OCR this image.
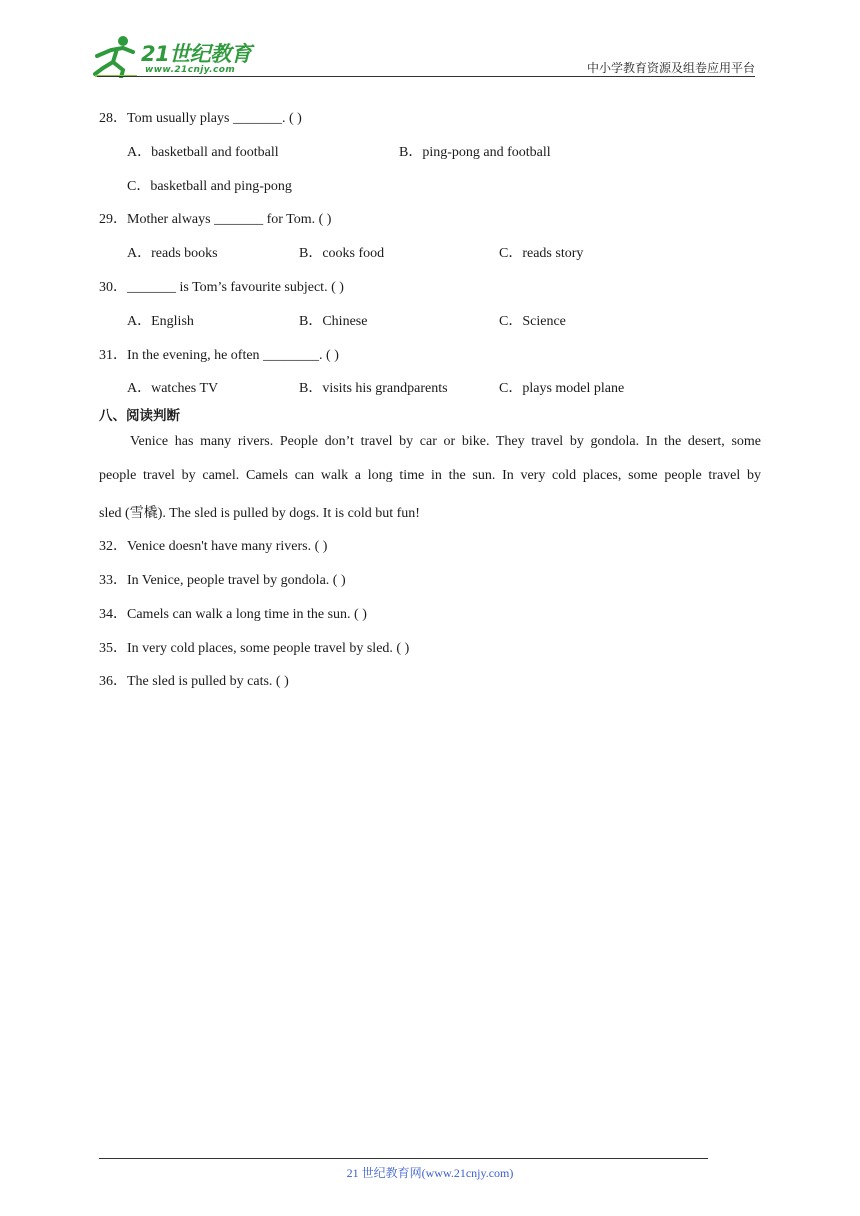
21世纪教育
www.21cnjy.com	中小学教育资源及组卷应用平台
28．Tom usually plays _______. ( )
A．basketball and football	B．ping-pong and football
C．basketball and ping-pong
29．Mother always _______ for Tom. ( )
A．reads books	B．cooks food	C．reads story
30．_______ is Tom’s favourite subject. ( )
A．English	B．Chinese	C．Science
31．In the evening, he often ________. ( )
A．watches TV	B．visits his grandparents	C．plays model plane
八、阅读判断
Venice has many rivers. People don’t travel by car or bike. They travel by gondola. In the desert, some
people travel by camel. Camels can walk a long time in the sun. In very cold places, some people travel by
sled (雪橇). The sled is pulled by dogs. It is cold but fun!
32．Venice doesn't have many rivers. ( )
33．In Venice, people travel by gondola. ( )
34．Camels can walk a long time in the sun. ( )
35．In very cold places, some people travel by sled. ( )
36．The sled is pulled by cats. ( )
21 世纪教育网(www.21cnjy.com)
